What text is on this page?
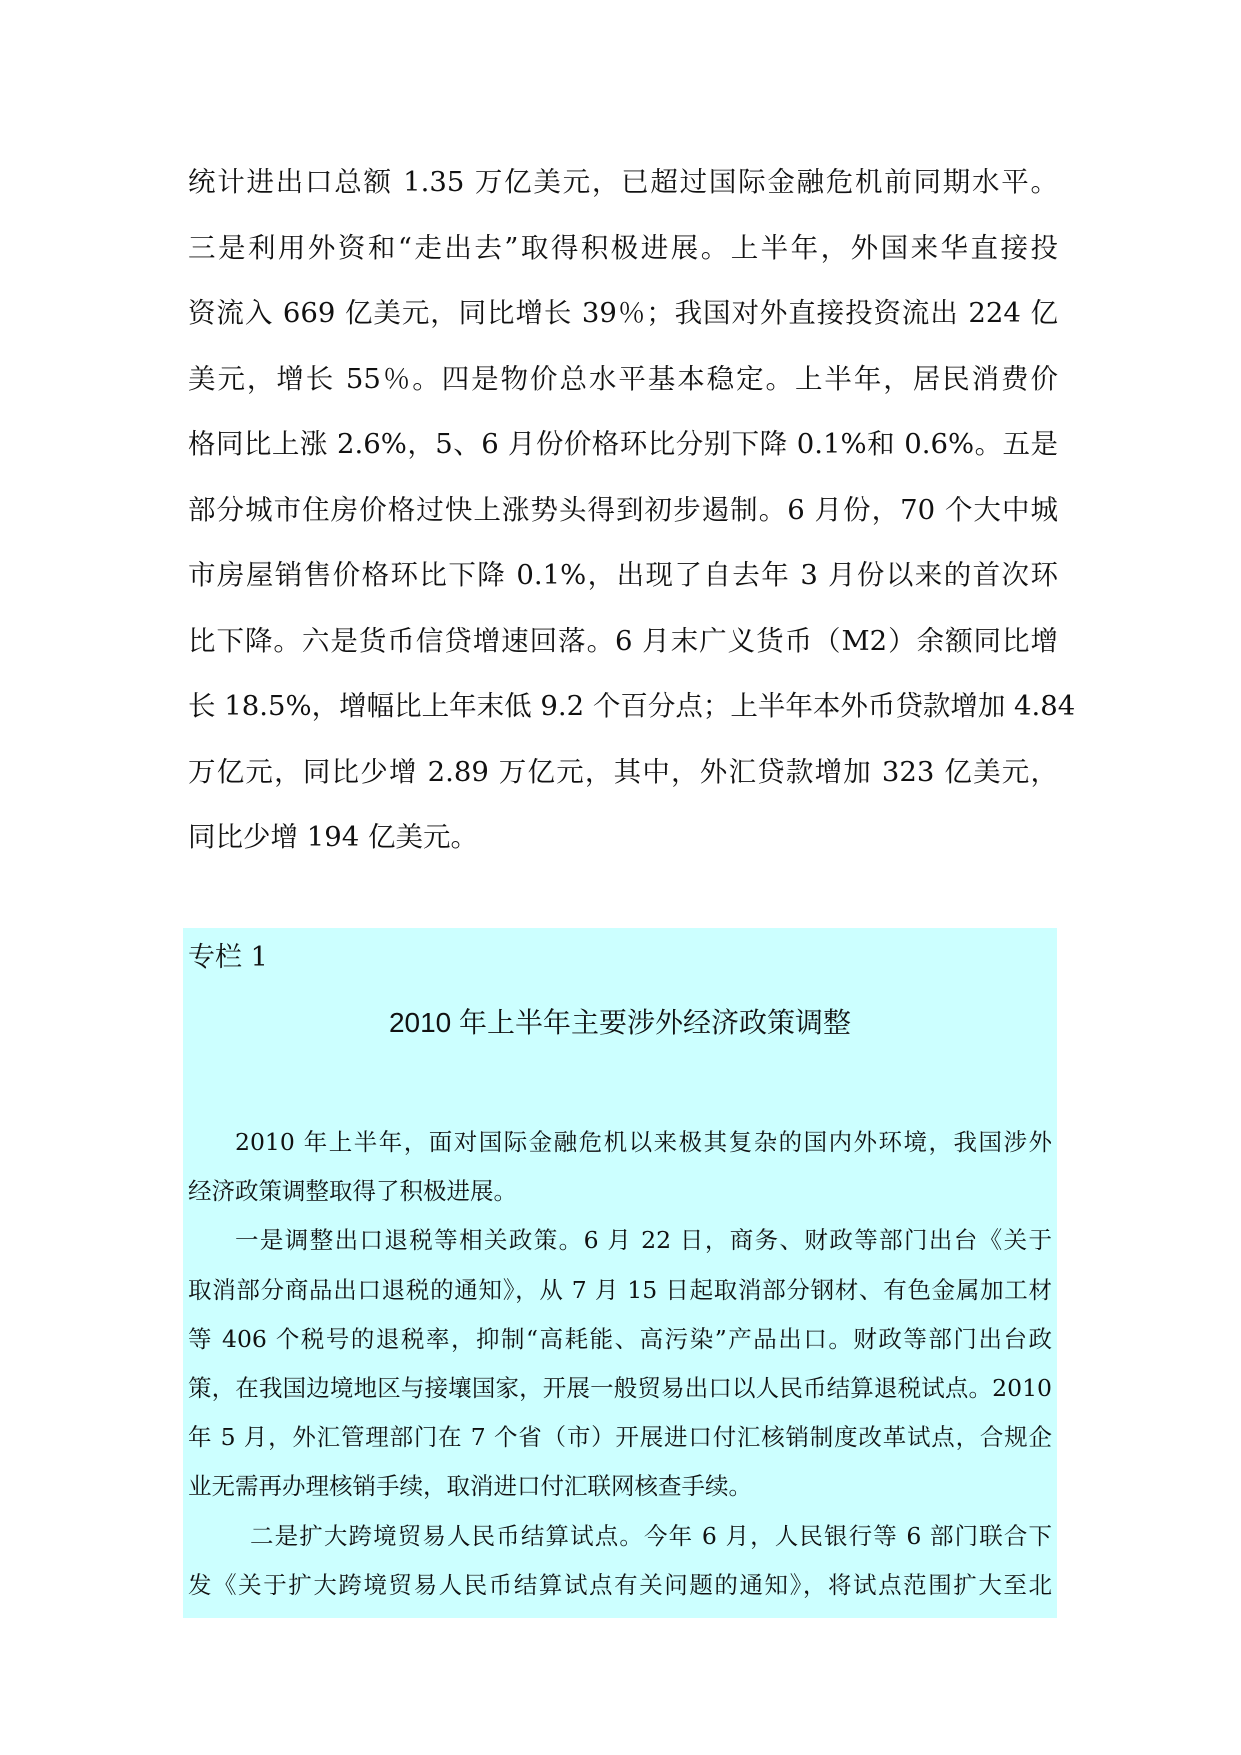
统计进出口总额 1.35 万亿美元，已超过国际金融危机前同期水平。
三是利用外资和“走出去”取得积极进展。上半年，外国来华直接投
资流入 669 亿美元，同比增长 39％；我国对外直接投资流出 224 亿
美元，增长 55％。四是物价总水平基本稳定。上半年，居民消费价
格同比上涨 2.6%，5、6 月份价格环比分别下降 0.1%和 0.6%。五是
部分城市住房价格过快上涨势头得到初步遏制。6 月份，70 个大中城
市房屋销售价格环比下降 0.1%，出现了自去年 3 月份以来的首次环
比下降。六是货币信贷增速回落。6 月末广义货币（M2）余额同比增
长 18.5%，增幅比上年末低 9.2 个百分点；上半年本外币贷款增加 4.84
万亿元，同比少增 2.89 万亿元，其中，外汇贷款增加 323 亿美元，
同比少增 194 亿美元。
专栏 1
2010 年上半年主要涉外经济政策调整
2010 年上半年，面对国际金融危机以来极其复杂的国内外环境，我国涉外
经济政策调整取得了积极进展。
一是调整出口退税等相关政策。6 月 22 日，商务、财政等部门出台《关于
取消部分商品出口退税的通知》，从 7 月 15 日起取消部分钢材、有色金属加工材
等 406 个税号的退税率，抑制“高耗能、高污染”产品出口。财政等部门出台政
策，在我国边境地区与接壤国家，开展一般贸易出口以人民币结算退税试点。2010
年 5 月，外汇管理部门在 7 个省（市）开展进口付汇核销制度改革试点，合规企
业无需再办理核销手续，取消进口付汇联网核查手续。
二是扩大跨境贸易人民币结算试点。今年 6 月，人民银行等 6 部门联合下
发《关于扩大跨境贸易人民币结算试点有关问题的通知》，将试点范围扩大至北
